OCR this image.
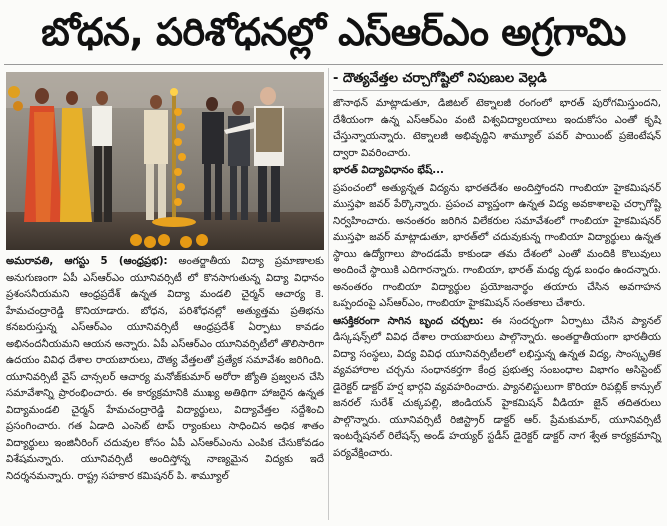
బోధన, పరిశోధనల్లో ఎస్‌ఆర్‌ఎం అగ్రగామి
- దౌత్యవేత్తల చర్చాగోష్టిలో నిపుణుల వెల్లడి

అమరావతి, ఆగస్టు 5 (ఆంధ్రప్రభ): అంతర్జాతీయ విద్యా ప్రమాణాలకు అనుగుణంగా ఏపీ ఎస్‌ఆర్‌ఎం యూనివర్సిటీ లో కొనసాగుతున్న విద్యా విధానం ప్రశంసనీయమని ఆంధ్రప్రదేశ్ ఉన్నత విద్యా మండలి చైర్మన్ ఆచార్య కె. హేమచంద్రారెడ్డి కొనియాడారు. బోధన, పరిశోధనల్లో అత్యుత్తమ ప్రతిభను కనబరుస్తున్న ఎస్‌ఆర్‌ఎం యూనివర్సిటీ ఆంధ్రప్రదేశ్ ఏర్పాటు కావడం అభినందనీయమని ఆయన అన్నారు. ఏపీ ఎస్‌ఆర్‌ఎం యూనివర్సిటీలో తొలిసారిగా ఉదయం వివిధ దేశాల రాయబారులు, దౌత్య వేత్తలతో ప్రత్యేక సమావేశం జరిగింది. యూనివర్సిటీ వైస్ చాన్సలర్ ఆచార్య మనోజ్‌కుమార్ అరోరా జ్యోతి ప్రజ్వలన చేసి సమావేశాన్ని ప్రారంభించారు. ఈ కార్యక్రమానికి ముఖ్య అతిథిగా హాజరైన ఉన్నత విద్యామండలి చైర్మన్ హేమచంద్రారెడ్డి విద్యార్థులు, విద్యావేత్తల సద్దేశించి ప్రసంగించారు. గత ఏడాది ఎంసెట్ టాప్ ర్యాంకులు సాధించిన అధిక శాతం విద్యార్థులు ఇంజినీరింగ్ చదువుల కోసం ఏపీ ఎస్‌ఆర్‌ఎంను ఎంపిక చేసుకోవడం విశేషమన్నారు. యూనివర్సిటీ అందిస్తోన్న నాణ్యమైన విద్యకు ఇదే నిదర్శనమన్నారు. రాష్ట్ర సహకార కమిషనర్ పి. శామ్యూల్

జొనాథన్ మాట్లాడుతూ, డిజిటల్ టెక్నాలజీ రంగంలో భారత్ పురోగమిస్తుందని, దేశీయంగా ఉన్న ఎస్‌ఆర్‌ఎం వంటి విశ్వవిద్యాలయాలు ఇందుకోసం ఎంతో కృషి చేస్తున్నాయన్నారు. టెక్నాలజీ అభివృద్ధిని శామ్యూల్ పవర్ పాయింట్ ప్రజెంటేషన్ ద్వారా వివరించారు.

భారత్ విద్యావిధానం భేష్...

ప్రపంచంలో అత్యున్నత విద్యను భారతదేశం అందిస్తోందని గాంబియా హైకమిషనర్ ముస్తఫా జవర్ పేర్కొన్నారు. ప్రపంచ వ్యాప్తంగా ఉన్నత విద్య అవకాశాలపై చర్చాగోష్టి నిర్వహించారు. అనంతరం జరిగిన విలేకరుల సమావేశంలో గాంబియా హైకమిషనర్ ముస్తఫా జవర్ మాట్లాడుతూ, భారత్‌లో చదువుకున్న గాంబియా విద్యార్థులు ఉన్నత స్థాయి ఉద్యోగాలు పొందడమే కాకుండా తమ దేశంలో ఎంతో మందికి కొలువులు అందించే స్థాయికి ఎదిగారన్నారు. గాంబియా, భారత్ మధ్య దృఢ బంధం ఉందన్నారు. అనంతరం గాంబియా విద్యార్థుల ప్రయోజనార్థం తయారు చేసిన అవగాహన ఒప్పందంపై ఎస్‌ఆర్‌ఎం, గాంబియా హైకమిషన్ సంతకాలు చేశారు.

ఆసక్తికరంగా సాగిన బృంద చర్చలు: ఈ సందర్భంగా ఏర్పాటు చేసిన ప్యానల్ డిస్కషన్స్‌లో వివిధ దేశాల రాయబారులు పాల్గొన్నారు. అంతర్జాతీయంగా భారతీయ విద్యా సంస్థలు, విద్య వివిధ యూనివర్సిటీలలో లభిస్తున్న ఉన్నత విద్య, సాంస్కృతిక వ్యవహారాల చర్చను సంధానకర్తగా కేంద్ర ప్రభుత్వ సంబంధాల విభాగం అసిస్టెంట్ డైరెక్టర్ డాక్టర్ హర్ష భార్గవి వ్యవహరించారు. ప్యానలిస్టులుగా కొరియా రిపబ్లిక్ కాన్సుల్ జనరల్ సురేశ్ చుక్కపల్లి, జిండియన్ హైకమిషన్ వీడియా జైన్ తదితరులు పాల్గొన్నారు. యూనివర్సిటీ రిజిస్ట్రార్ డాక్టర్ ఆర్. ప్రేమకుమార్, యూనివర్సిటీ ఇంటర్నేషనల్ రిలేషన్స్ అండ్ హయ్యర్ స్టడీస్ డైరెక్టర్ డాక్టర్ నాగ శ్వేత కార్యక్రమాన్ని పర్యవేక్షించారు.
